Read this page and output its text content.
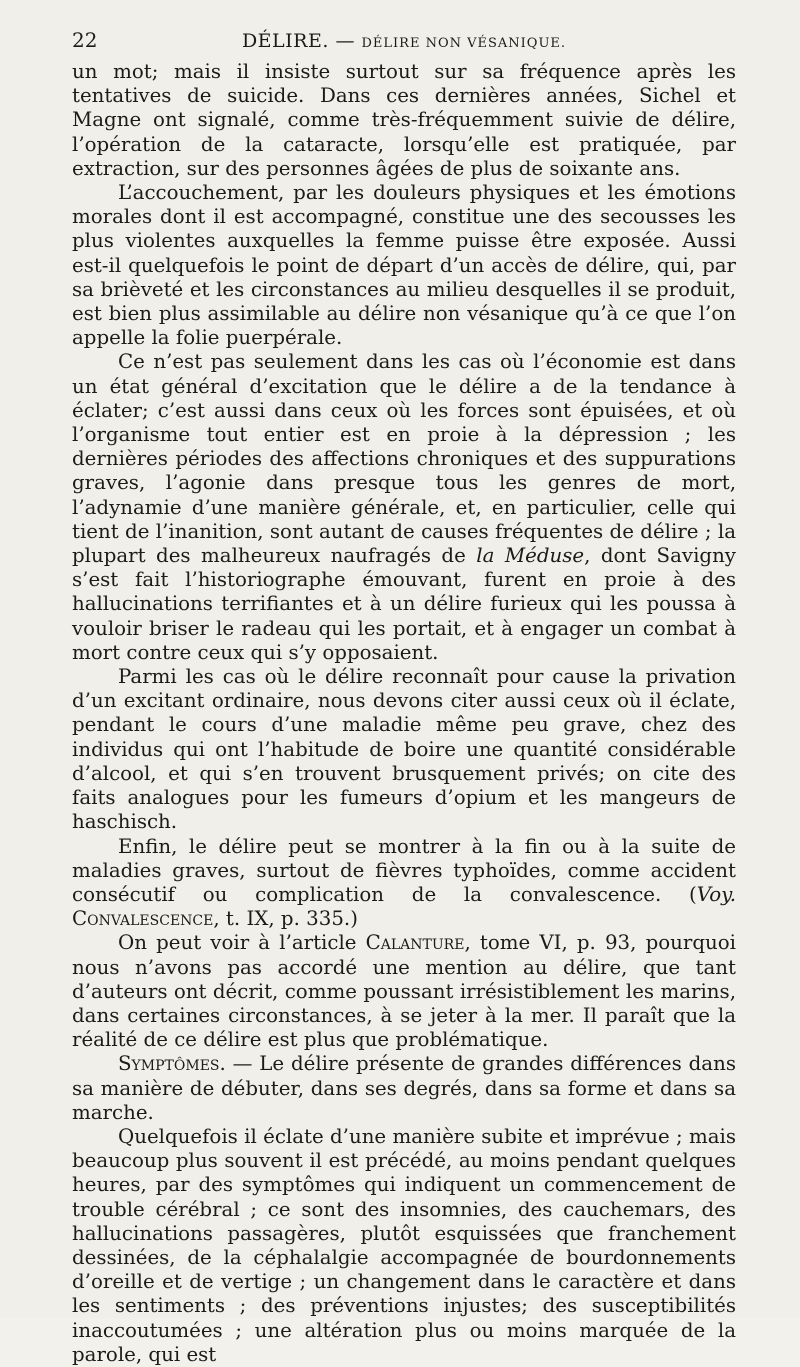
22	DÉLIRE. — DÉLIRE NON VÉSANIQUE.

un mot; mais il insiste surtout sur sa fréquence après les tentatives de suicide. Dans ces dernières années, Sichel et Magne ont signalé, comme très-fréquemment suivie de délire, l’opération de la cataracte, lorsqu’elle est pratiquée, par extraction, sur des personnes âgées de plus de soixante ans.

L’accouchement, par les douleurs physiques et les émotions morales dont il est accompagné, constitue une des secousses les plus violentes auxquelles la femme puisse être exposée. Aussi est-il quelquefois le point de départ d’un accès de délire, qui, par sa brièveté et les circonstances au milieu desquelles il se produit, est bien plus assimilable au délire non vésanique qu’à ce que l’on appelle la folie puerpérale.

Ce n’est pas seulement dans les cas où l’économie est dans un état général d’excitation que le délire a de la tendance à éclater; c’est aussi dans ceux où les forces sont épuisées, et où l’organisme tout entier est en proie à la dépression ; les dernières périodes des affections chroniques et des suppurations graves, l’agonie dans presque tous les genres de mort, l’adynamie d’une manière générale, et, en particulier, celle qui tient de l’inanition, sont autant de causes fréquentes de délire ; la plupart des malheureux naufragés de la Méduse, dont Savigny s’est fait l’historiographe émouvant, furent en proie à des hallucinations terrifiantes et à un délire furieux qui les poussa à vouloir briser le radeau qui les portait, et à engager un combat à mort contre ceux qui s’y opposaient.

Parmi les cas où le délire reconnaît pour cause la privation d’un excitant ordinaire, nous devons citer aussi ceux où il éclate, pendant le cours d’une maladie même peu grave, chez des individus qui ont l’habitude de boire une quantité considérable d’alcool, et qui s’en trouvent brusquement privés; on cite des faits analogues pour les fumeurs d’opium et les mangeurs de haschisch.

Enfin, le délire peut se montrer à la fin ou à la suite de maladies graves, surtout de fièvres typhoïdes, comme accident consécutif ou complication de la convalescence. (Voy. Convalescence, t. IX, p. 335.)

On peut voir à l’article Calanture, tome VI, p. 93, pourquoi nous n’avons pas accordé une mention au délire, que tant d’auteurs ont décrit, comme poussant irrésistiblement les marins, dans certaines circonstances, à se jeter à la mer. Il paraît que la réalité de ce délire est plus que problématique.

Symptômes. — Le délire présente de grandes différences dans sa manière de débuter, dans ses degrés, dans sa forme et dans sa marche.

Quelquefois il éclate d’une manière subite et imprévue ; mais beaucoup plus souvent il est précédé, au moins pendant quelques heures, par des symptômes qui indiquent un commencement de trouble cérébral ; ce sont des insomnies, des cauchemars, des hallucinations passagères, plutôt esquissées que franchement dessinées, de la céphalalgie accompagnée de bourdonnements d’oreille et de vertige ; un changement dans le caractère et dans les sentiments ; des préventions injustes; des susceptibilités inaccoutumées ; une altération plus ou moins marquée de la parole, qui est
